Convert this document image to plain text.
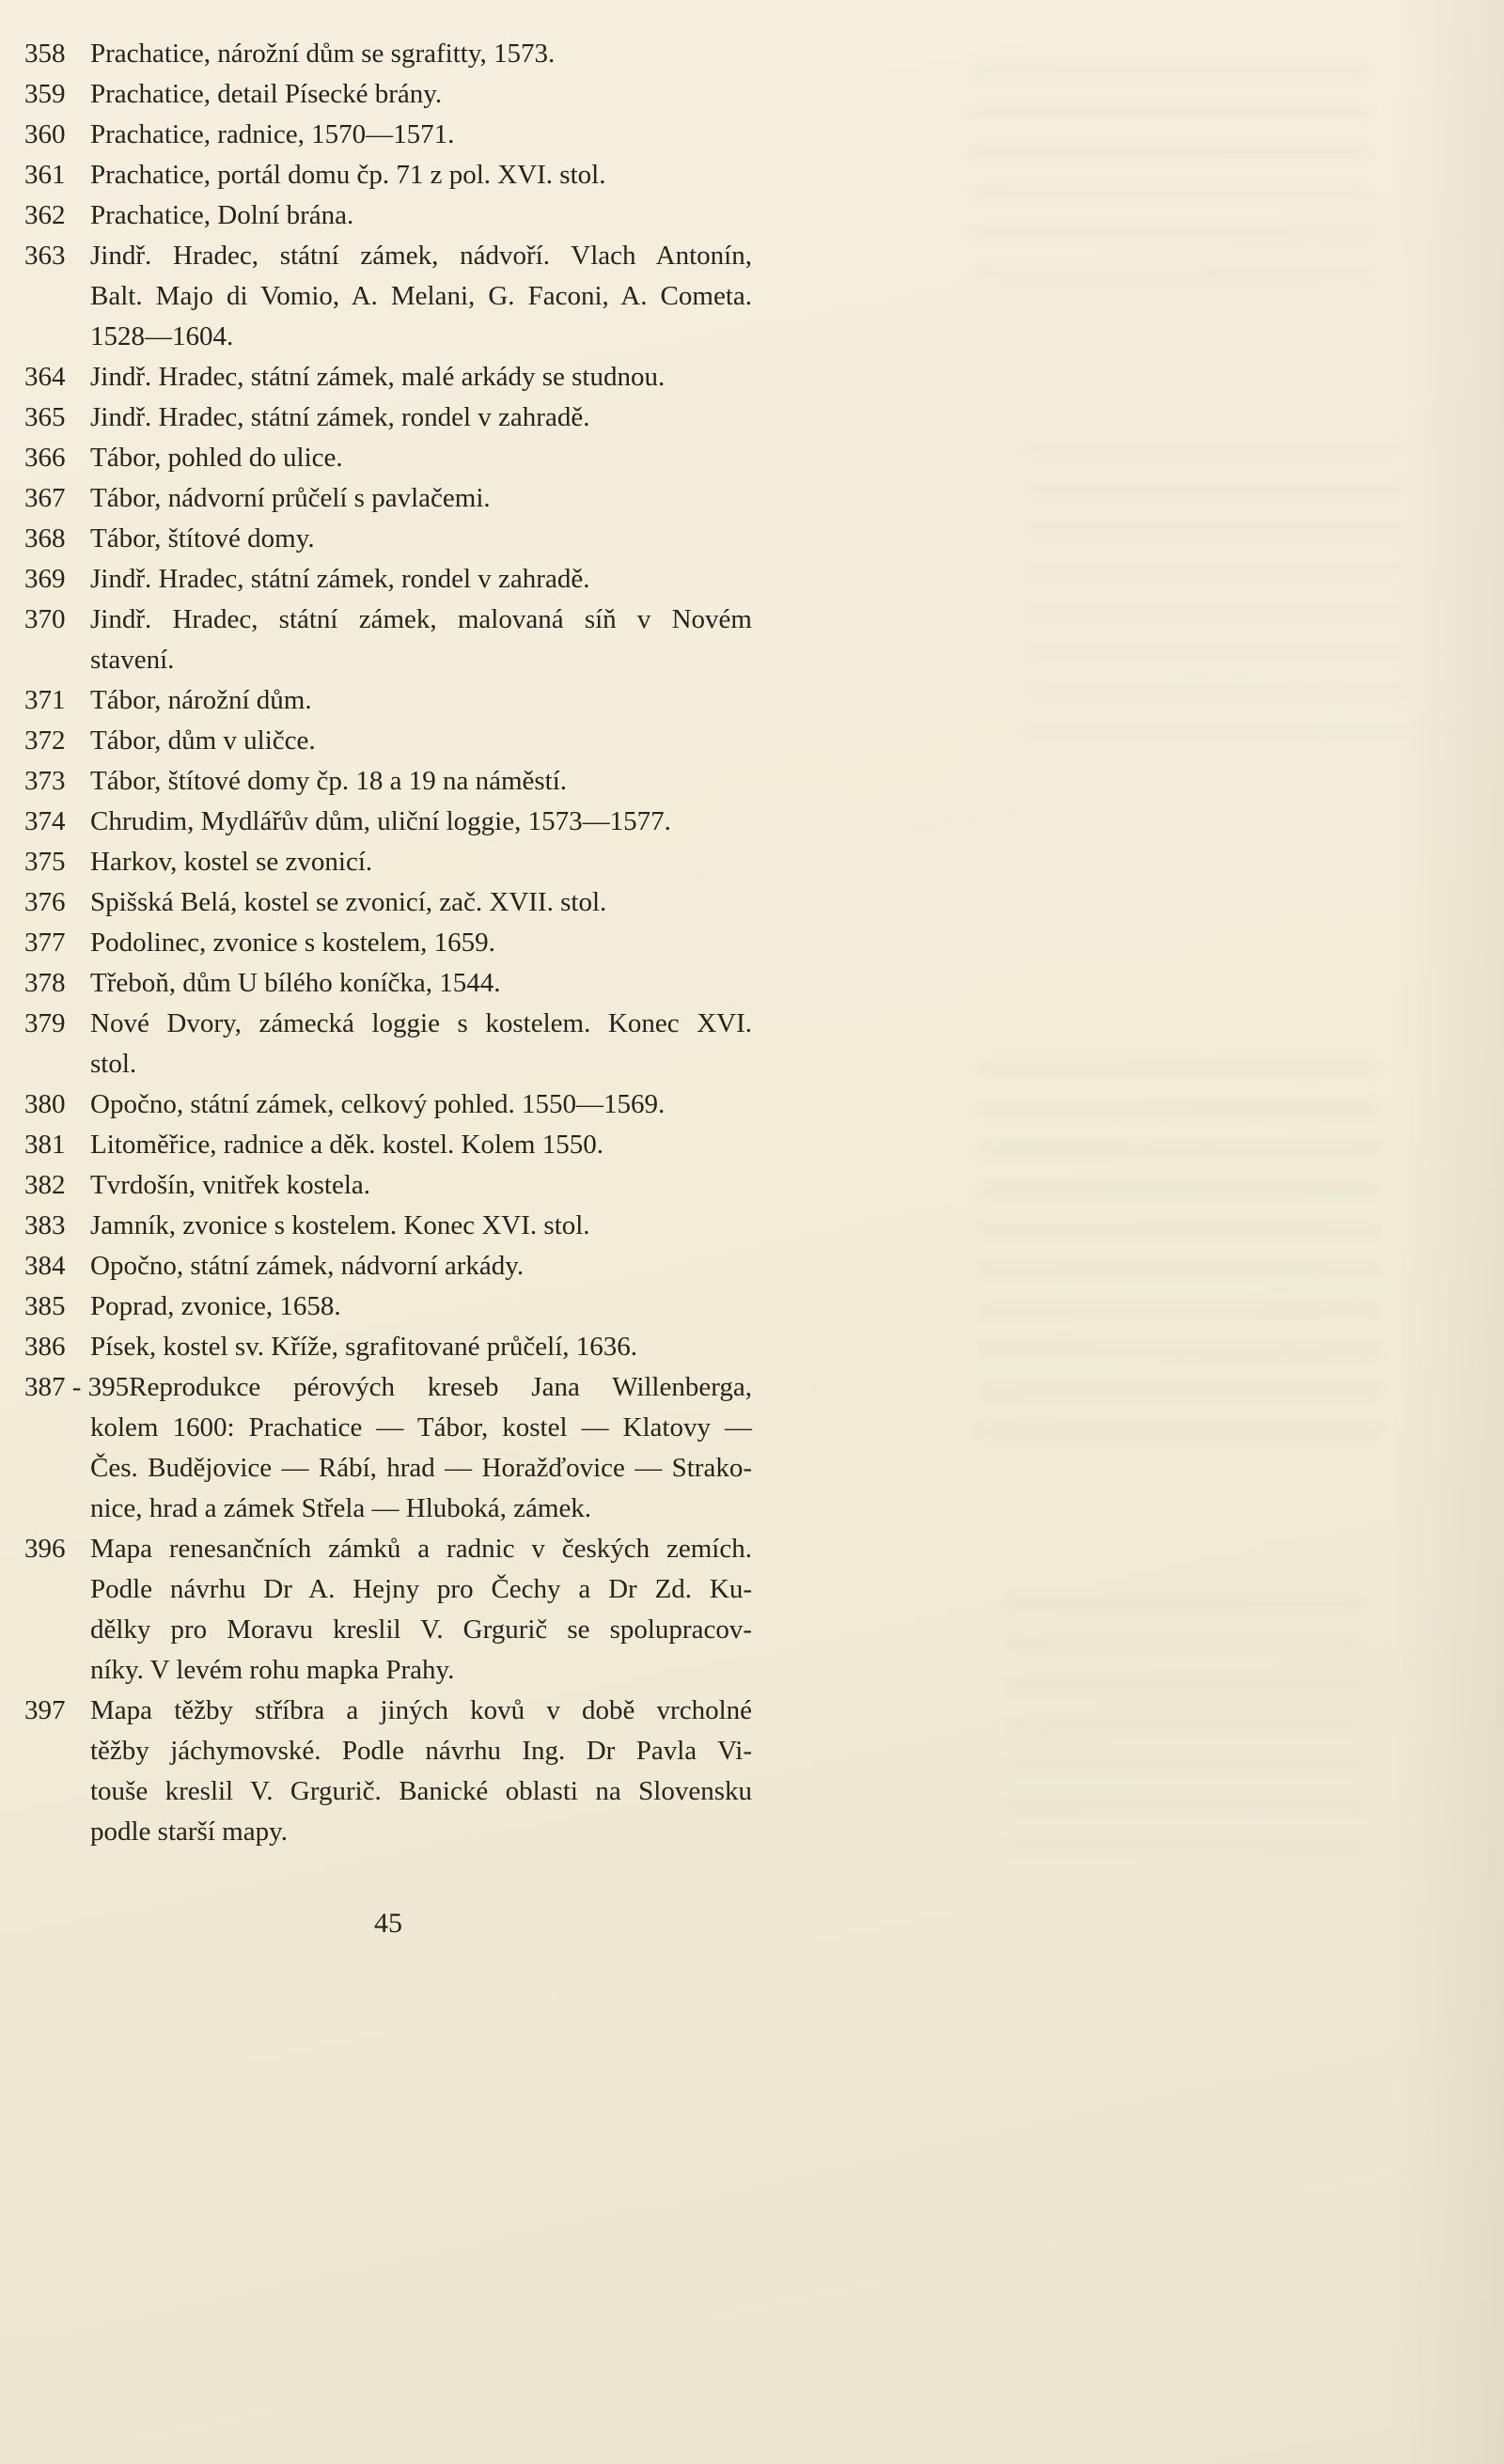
358 Prachatice, nárožní dům se sgrafitty, 1573.
359 Prachatice, detail Písecké brány.
360 Prachatice, radnice, 1570—1571.
361 Prachatice, portál domu čp. 71 z pol. XVI. stol.
362 Prachatice, Dolní brána.
363 Jindř. Hradec, státní zámek, nádvoří. Vlach Antonín,
Balt. Majo di Vomio, A. Melani, G. Faconi, A. Cometa.
1528—1604.
364 Jindř. Hradec, státní zámek, malé arkády se studnou.
365 Jindř. Hradec, státní zámek, rondel v zahradě.
366 Tábor, pohled do ulice.
367 Tábor, nádvorní průčelí s pavlačemi.
368 Tábor, štítové domy.
369 Jindř. Hradec, státní zámek, rondel v zahradě.
370 Jindř. Hradec, státní zámek, malovaná síň v Novém
stavení.
371 Tábor, nárožní dům.
372 Tábor, dům v uličce.
373 Tábor, štítové domy čp. 18 a 19 na náměstí.
374 Chrudim, Mydlářův dům, uliční loggie, 1573—1577.
375 Harkov, kostel se zvonicí.
376 Spišská Belá, kostel se zvonicí, zač. XVII. stol.
377 Podolinec, zvonice s kostelem, 1659.
378 Třeboň, dům U bílého koníčka, 1544.
379 Nové Dvory, zámecká loggie s kostelem. Konec XVI.
stol.
380 Opočno, státní zámek, celkový pohled. 1550—1569.
381 Litoměřice, radnice a děk. kostel. Kolem 1550.
382 Tvrdošín, vnitřek kostela.
383 Jamník, zvonice s kostelem. Konec XVI. stol.
384 Opočno, státní zámek, nádvorní arkády.
385 Poprad, zvonice, 1658.
386 Písek, kostel sv. Kříže, sgrafitované průčelí, 1636.
387 - 395Reprodukce pérových kreseb Jana Willenberga,
kolem 1600: Prachatice — Tábor, kostel — Klatovy —
Čes. Budějovice — Rábí, hrad — Horažďovice — Strako-
nice, hrad a zámek Střela — Hluboká, zámek.
396 Mapa renesančních zámků a radnic v českých zemích.
Podle návrhu Dr A. Hejny pro Čechy a Dr Zd. Ku-
dělky pro Moravu kreslil V. Grgurič se spolupracov-
níky. V levém rohu mapka Prahy.
397 Mapa těžby stříbra a jiných kovů v době vrcholné
těžby jáchymovské. Podle návrhu Ing. Dr Pavla Vi-
touše kreslil V. Grgurič. Banické oblasti na Slovensku
podle starší mapy.
45
